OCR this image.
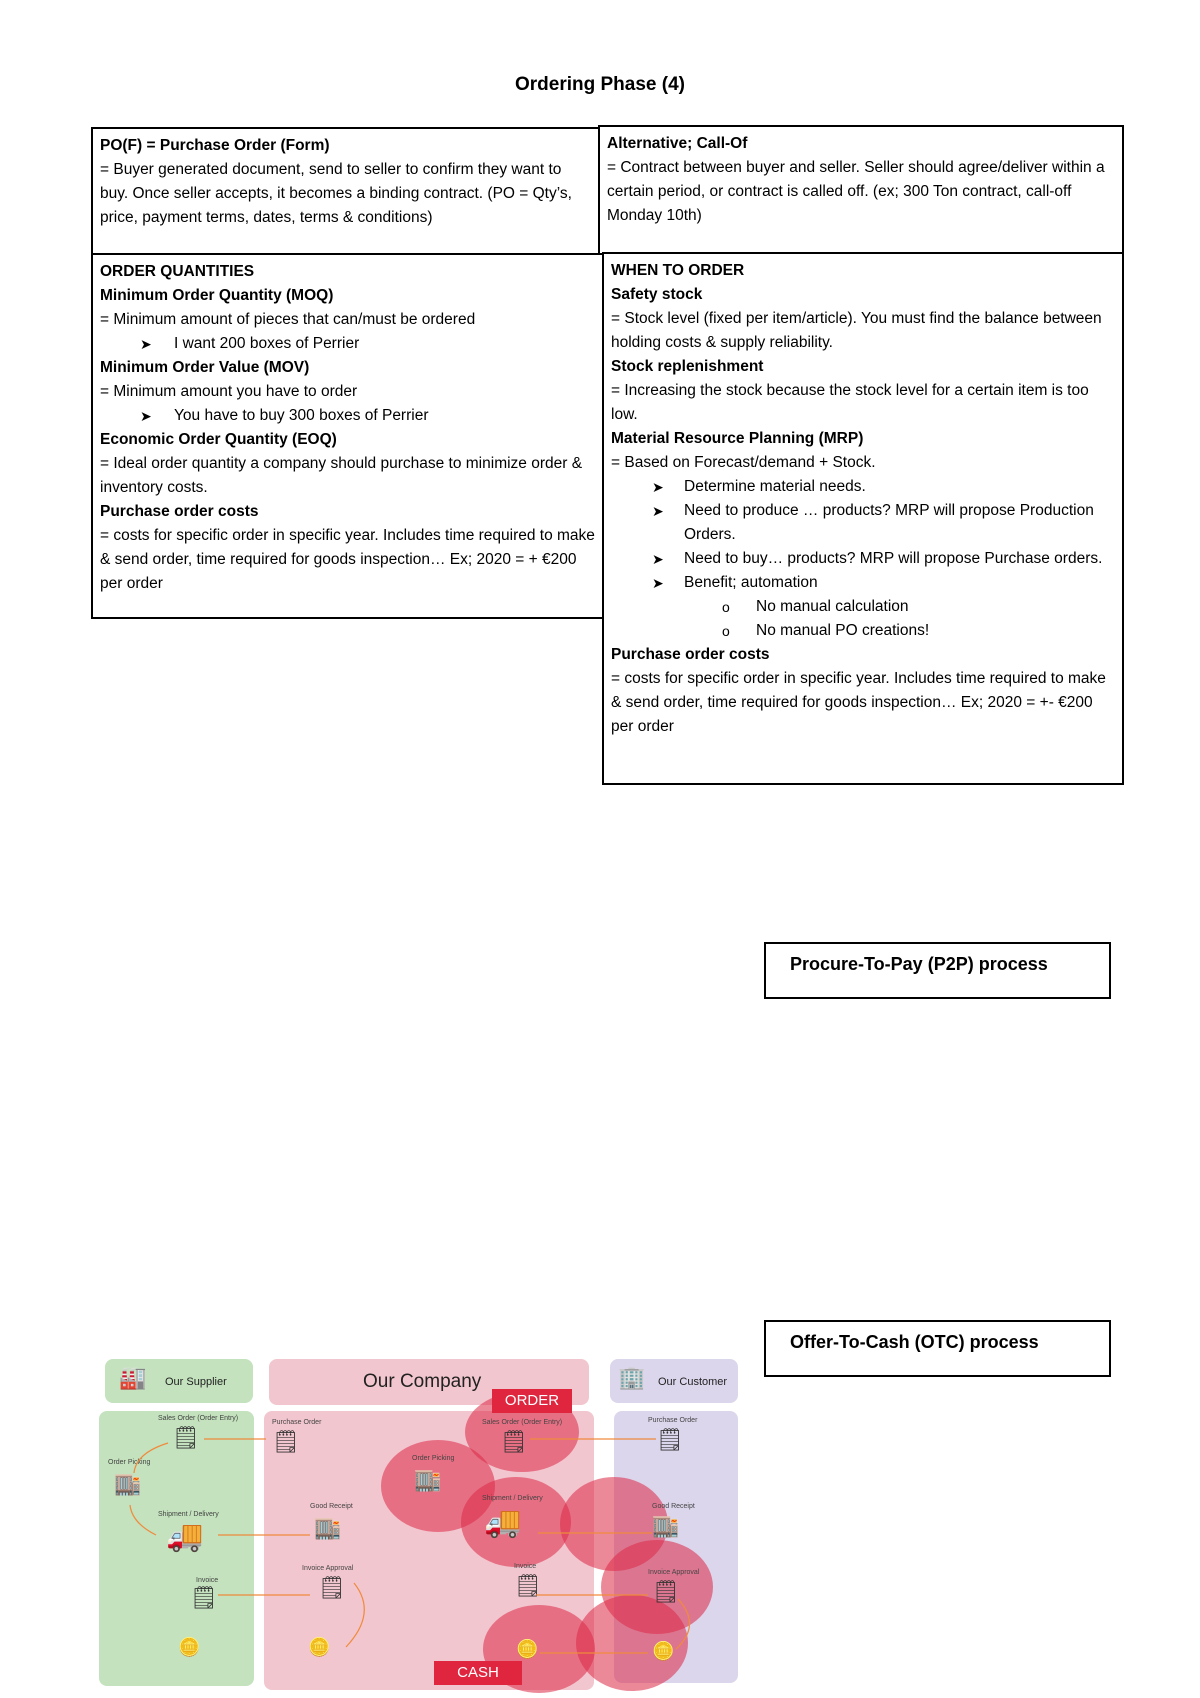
Ordering Phase (4)
PO(F) = Purchase Order (Form)
= Buyer generated document, send to seller to confirm they want to buy. Once seller accepts, it becomes a binding contract. (PO = Qty’s, price, payment terms, dates, terms & conditions)
Alternative; Call-Of
= Contract between buyer and seller. Seller should agree/deliver within a certain period, or contract is called off. (ex; 300 Ton contract, call-off Monday 10th)
ORDER QUANTITIES
Minimum Order Quantity (MOQ)
= Minimum amount of pieces that can/must be ordered
➤ I want 200 boxes of Perrier
Minimum Order Value (MOV)
= Minimum amount you have to order
➤ You have to buy 300 boxes of Perrier
Economic Order Quantity (EOQ)
= Ideal order quantity a company should purchase to minimize order & inventory costs.
Purchase order costs
= costs for specific order in specific year. Includes time required to make & send order, time required for goods inspection… Ex; 2020 = + €200 per order
WHEN TO ORDER
Safety stock
= Stock level (fixed per item/article). You must find the balance between holding costs & supply reliability.
Stock replenishment
= Increasing the stock because the stock level for a certain item is too low.
Material Resource Planning (MRP)
= Based on Forecast/demand + Stock.
➤ Determine material needs.
➤ Need to produce … products? MRP will propose Production Orders.
➤ Need to buy… products? MRP will propose Purchase orders.
➤ Benefit; automation
o No manual calculation
o No manual PO creations!
Purchase order costs
= costs for specific order in specific year. Includes time required to make & send order, time required for goods inspection… Ex; 2020 = +- €200 per order
Procure-To-Pay (P2P) process
Offer-To-Cash (OTC) process
🏭 Our Supplier	Our Company	🏢 Our Customer
ORDER
CASH
Sales Order (Order Entry)
🗒
Order Picking
🏬
Shipment / Delivery
🚚
Invoice
🗒
🪙
Purchase Order
🗒
Good Receipt
🏬
Invoice Approval
🗒
🪙
Sales Order (Order Entry)
🗒
Order Picking
🏬
Shipment / Delivery
🚚
Invoice
🗒
🪙
Purchase Order
🗒
Good Receipt
🏬
Invoice Approval
🗒
🪙
